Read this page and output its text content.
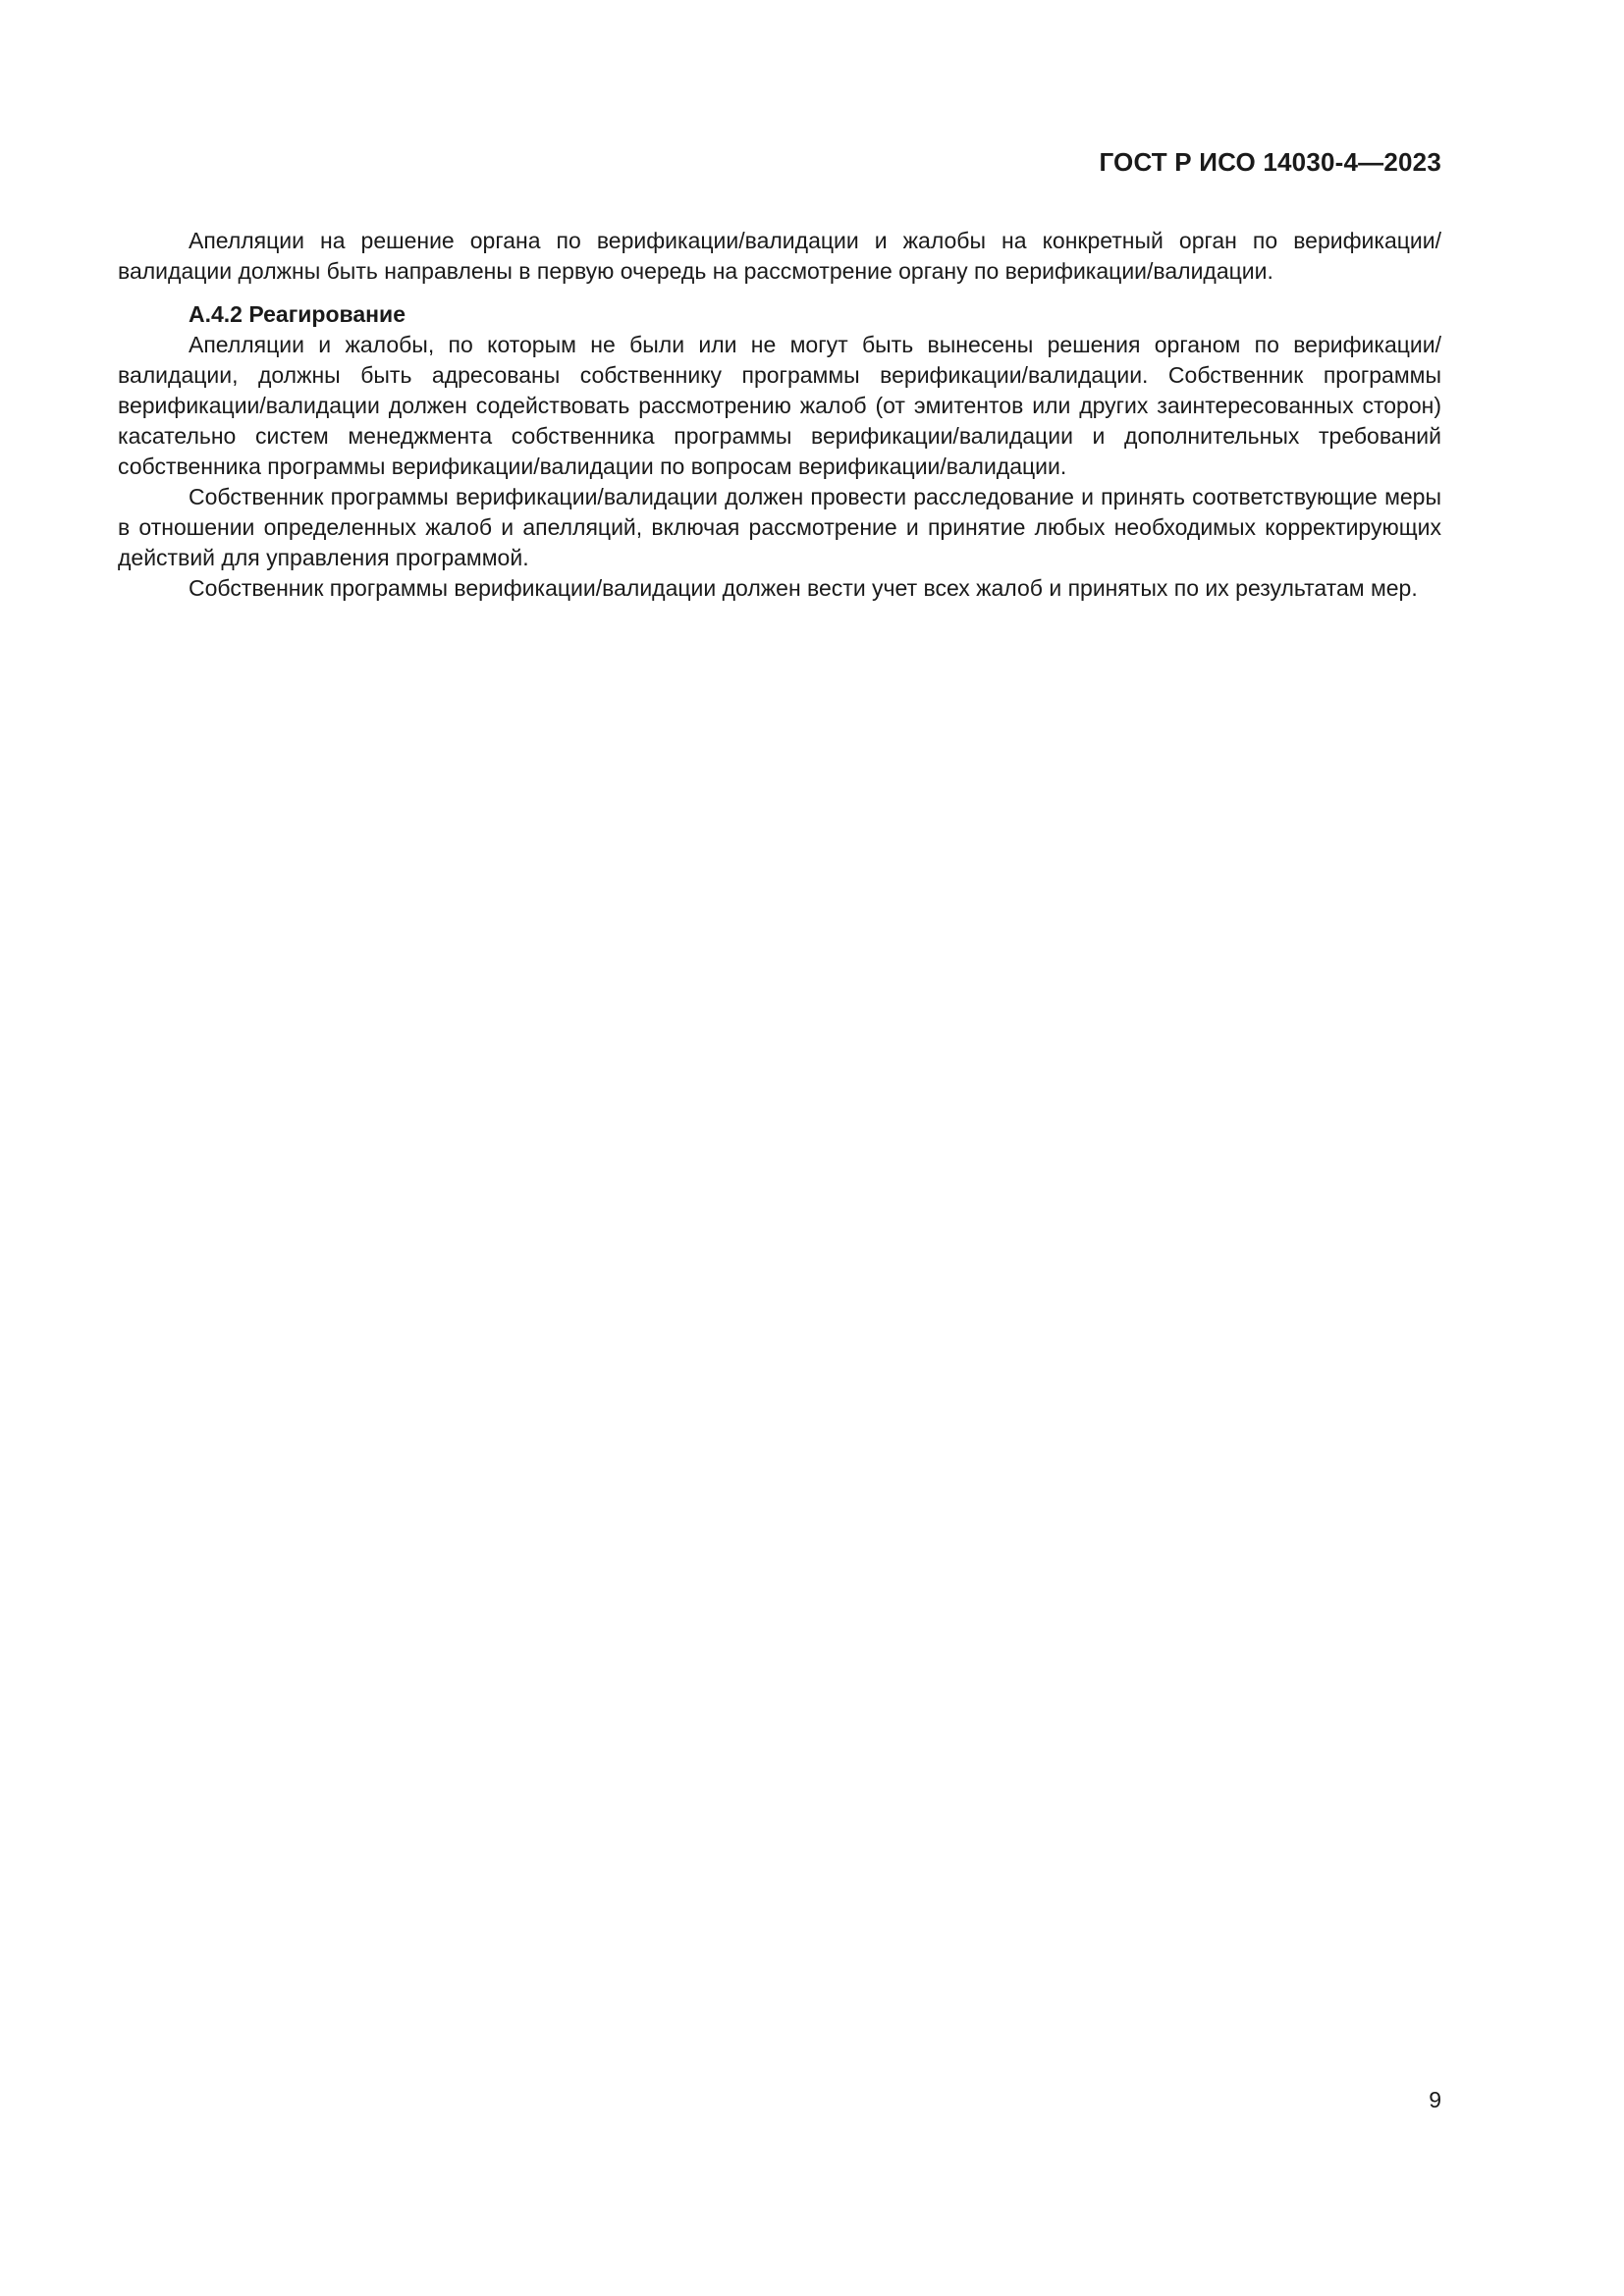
ГОСТ Р ИСО 14030-4—2023

Апелляции на решение органа по верификации/валидации и жалобы на конкретный орган по верификации/валидации должны быть направлены в первую очередь на рассмотрение органу по верификации/валидации.

А.4.2 Реагирование

Апелляции и жалобы, по которым не были или не могут быть вынесены решения органом по верификации/валидации, должны быть адресованы собственнику программы верификации/валидации. Собственник программы верификации/валидации должен содействовать рассмотрению жалоб (от эмитентов или других заинтересованных сторон) касательно систем менеджмента собственника программы верификации/валидации и дополнительных требований собственника программы верификации/валидации по вопросам верификации/валидации.

Собственник программы верификации/валидации должен провести расследование и принять соответствующие меры в отношении определенных жалоб и апелляций, включая рассмотрение и принятие любых необходимых корректирующих действий для управления программой.

Собственник программы верификации/валидации должен вести учет всех жалоб и принятых по их результатам мер.

9
